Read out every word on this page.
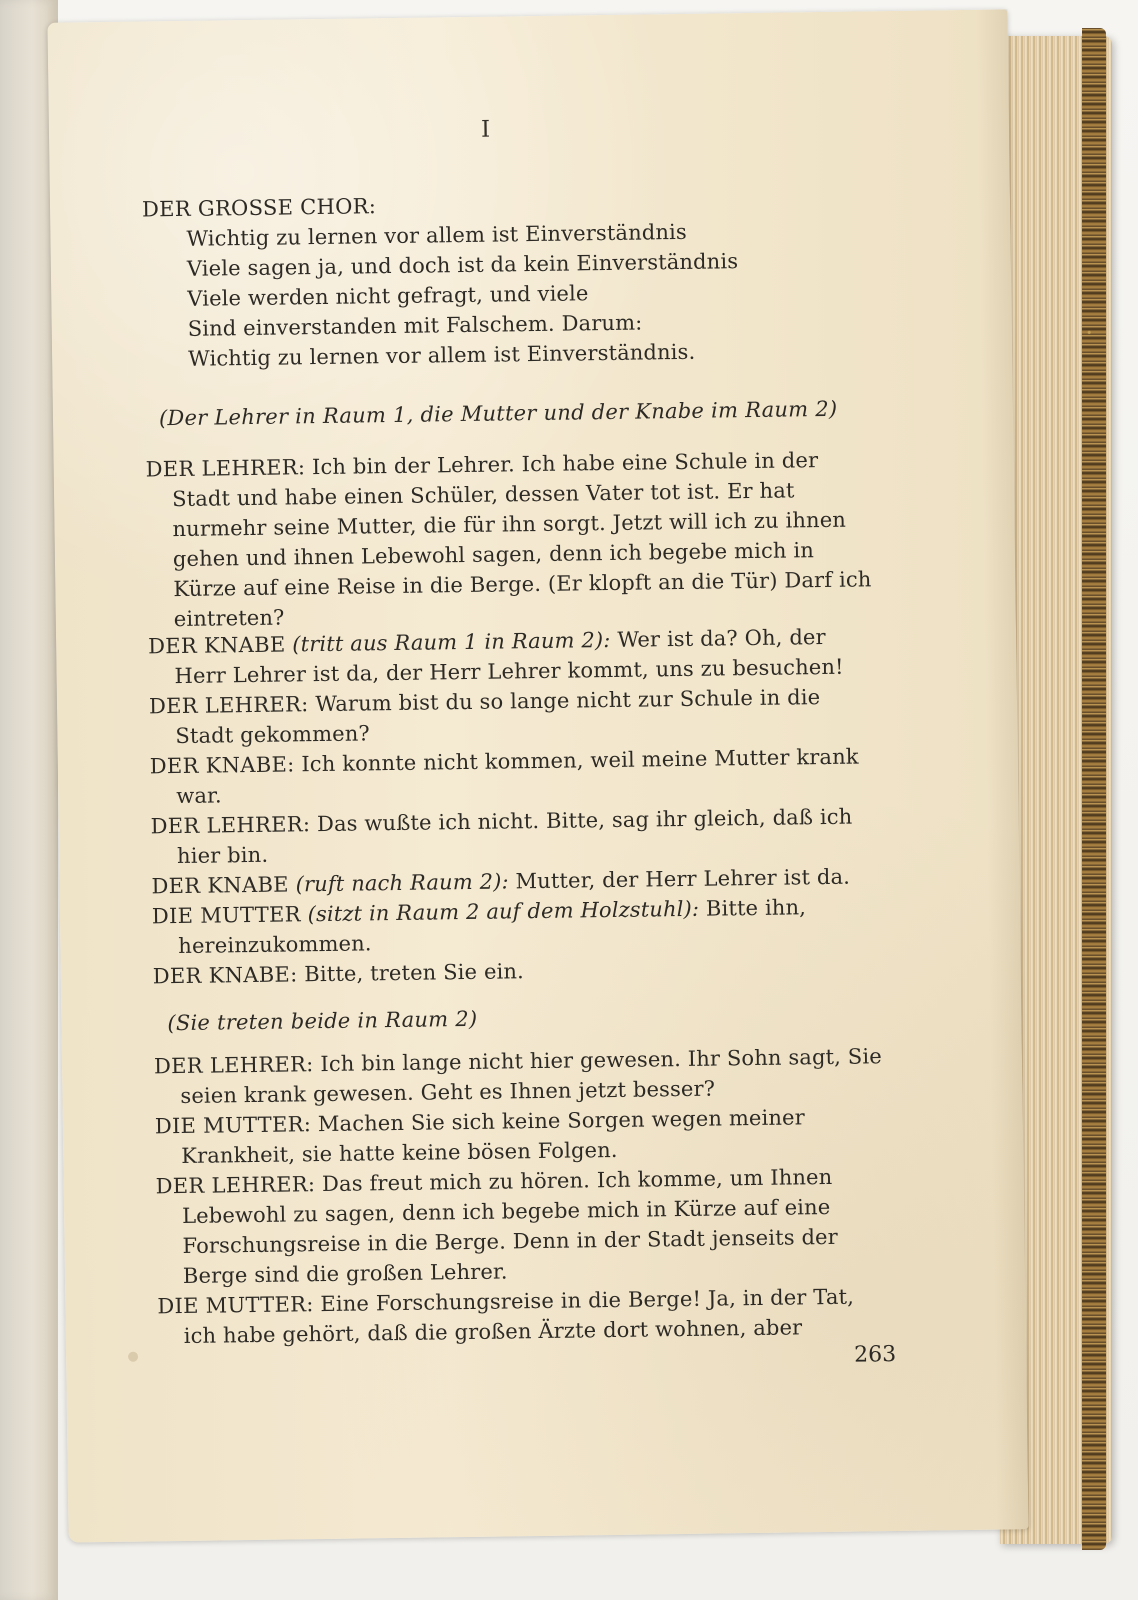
I
DER GROSSE CHOR:
Wichtig zu lernen vor allem ist Einverständnis
Viele sagen ja, und doch ist da kein Einverständnis
Viele werden nicht gefragt, und viele
Sind einverstanden mit Falschem. Darum:
Wichtig zu lernen vor allem ist Einverständnis.
(Der Lehrer in Raum 1, die Mutter und der Knabe im Raum 2)
DER LEHRER: Ich bin der Lehrer. Ich habe eine Schule in der Stadt und habe einen Schüler, dessen Vater tot ist. Er hat nurmehr seine Mutter, die für ihn sorgt. Jetzt will ich zu ihnen gehen und ihnen Lebewohl sagen, denn ich begebe mich in Kürze auf eine Reise in die Berge. (Er klopft an die Tür) Darf ich eintreten?
DER KNABE (tritt aus Raum 1 in Raum 2): Wer ist da? Oh, der Herr Lehrer ist da, der Herr Lehrer kommt, uns zu besuchen!
DER LEHRER: Warum bist du so lange nicht zur Schule in die Stadt gekommen?
DER KNABE: Ich konnte nicht kommen, weil meine Mutter krank war.
DER LEHRER: Das wußte ich nicht. Bitte, sag ihr gleich, daß ich hier bin.
DER KNABE (ruft nach Raum 2): Mutter, der Herr Lehrer ist da.
DIE MUTTER (sitzt in Raum 2 auf dem Holzstuhl): Bitte ihn, hereinzukommen.
DER KNABE: Bitte, treten Sie ein.
(Sie treten beide in Raum 2)
DER LEHRER: Ich bin lange nicht hier gewesen. Ihr Sohn sagt, Sie seien krank gewesen. Geht es Ihnen jetzt besser?
DIE MUTTER: Machen Sie sich keine Sorgen wegen meiner Krankheit, sie hatte keine bösen Folgen.
DER LEHRER: Das freut mich zu hören. Ich komme, um Ihnen Lebewohl zu sagen, denn ich begebe mich in Kürze auf eine Forschungsreise in die Berge. Denn in der Stadt jenseits der Berge sind die großen Lehrer.
DIE MUTTER: Eine Forschungsreise in die Berge! Ja, in der Tat, ich habe gehört, daß die großen Ärzte dort wohnen, aber
263
